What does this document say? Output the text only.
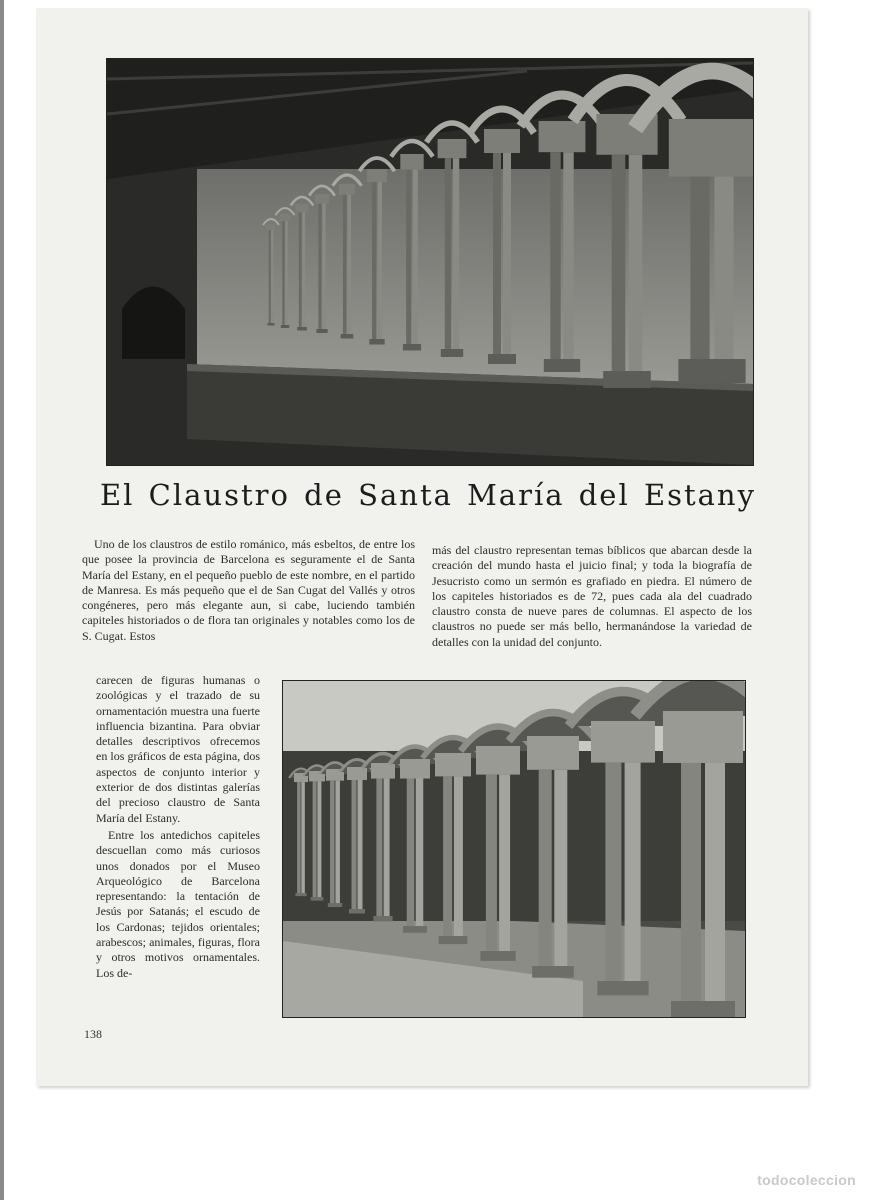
El Claustro de Santa María del Estany

Uno de los claustros de estilo románico, más esbeltos, de entre los que posee la provincia de Barcelona es seguramente el de Santa María del Estany, en el pequeño pueblo de este nombre, en el partido de Manresa. Es más pequeño que el de San Cugat del Vallés y otros congéneres, pero más elegante aun, si cabe, luciendo también capiteles historiados o de flora tan originales y notables como los de S. Cugat. Estos

más del claustro representan temas bíblicos que abarcan desde la creación del mundo hasta el juicio final; y toda la biografía de Jesucristo como un sermón es grafiado en piedra. El número de los capiteles historiados es de 72, pues cada ala del cuadrado claustro consta de nueve pares de columnas. El aspecto de los claustros no puede ser más bello, hermanándose la variedad de detalles con la unidad del conjunto.

carecen de figuras humanas o zoológicas y el trazado de su ornamentación muestra una fuerte influencia bizantina. Para obviar detalles descriptivos ofrecemos en los gráficos de esta página, dos aspectos de conjunto interior y exterior de dos distintas galerías del precioso claustro de Santa María del Estany.

Entre los antedichos capiteles descuellan como más curiosos unos donados por el Museo Arqueológico de Barcelona representando: la tentación de Jesús por Satanás; el escudo de los Cardonas; tejidos orientales; arabescos; animales, figuras, flora y otros motivos ornamentales. Los de-

138
todocoleccion
